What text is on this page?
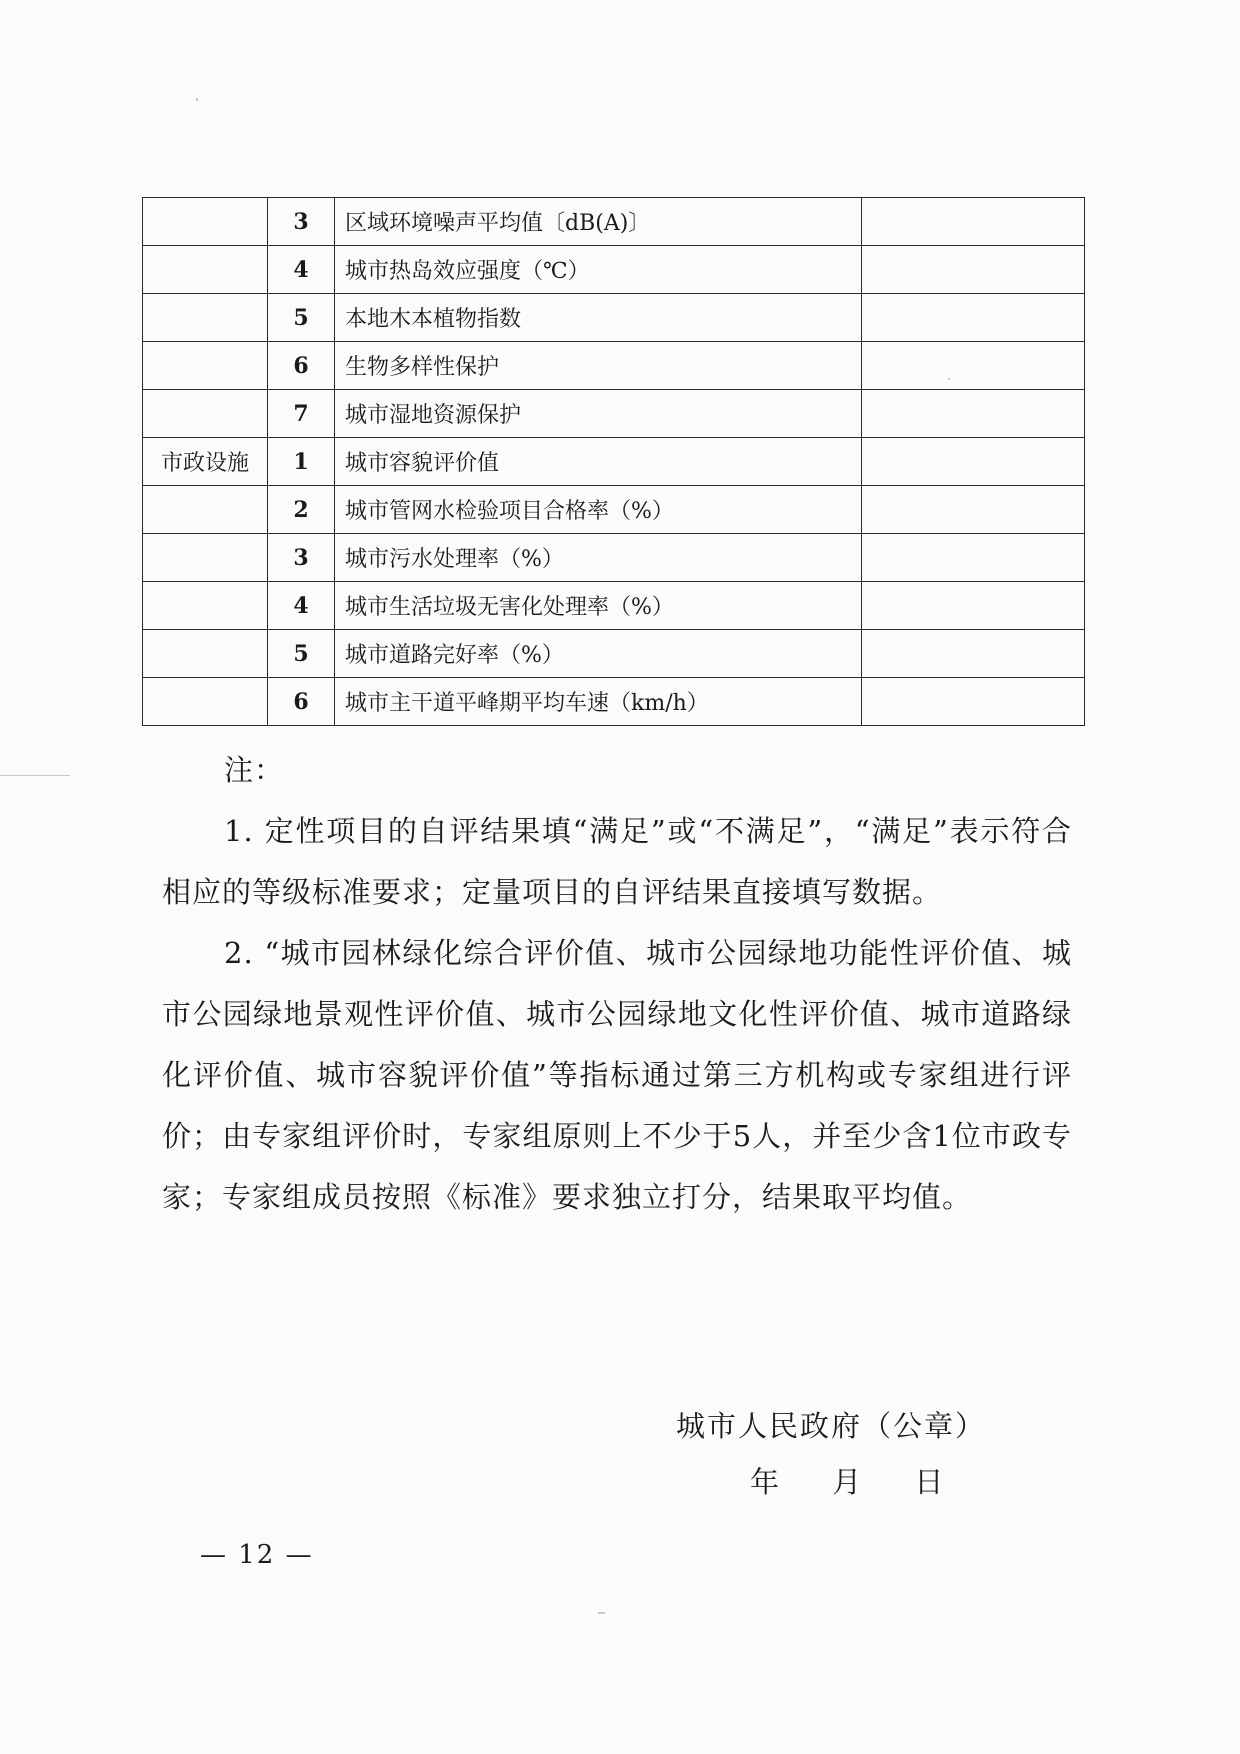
	3	区域环境噪声平均值〔dB(A)〕	
	4	城市热岛效应强度（℃）	
	5	本地木本植物指数	
	6	生物多样性保护	
	7	城市湿地资源保护	
市政设施	1	城市容貌评价值	
	2	城市管网水检验项目合格率（%）	
	3	城市污水处理率（%）	
	4	城市生活垃圾无害化处理率（%）	
	5	城市道路完好率（%）	
	6	城市主干道平峰期平均车速（km/h）	
注：

1. 定性项目的自评结果填“满足”或“不满足”，“满足”表示符合相应的等级标准要求；定量项目的自评结果直接填写数据。

2. “城市园林绿化综合评价值、城市公园绿地功能性评价值、城市公园绿地景观性评价值、城市公园绿地文化性评价值、城市道路绿化评价值、城市容貌评价值”等指标通过第三方机构或专家组进行评价；由专家组评价时，专家组原则上不少于5人，并至少含1位市政专家；专家组成员按照《标准》要求独立打分，结果取平均值。

城市人民政府（公章）
年 月 日
— 12 —
